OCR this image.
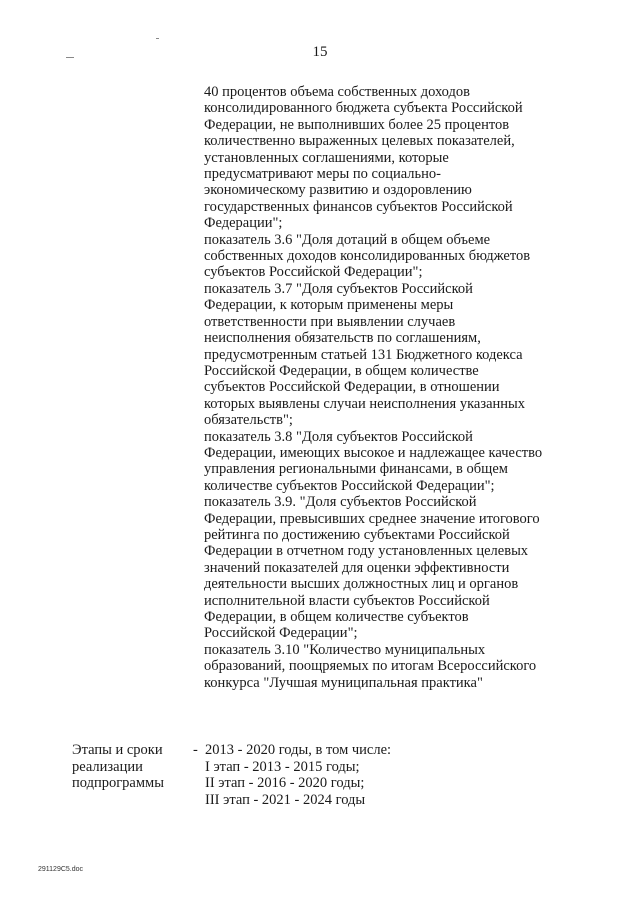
15
40 процентов объема собственных доходов
консолидированного бюджета субъекта Российской
Федерации, не выполнивших более 25 процентов
количественно выраженных целевых показателей,
установленных соглашениями, которые
предусматривают меры по социально-
экономическому развитию и оздоровлению
государственных финансов субъектов Российской
Федерации";
показатель 3.6 "Доля дотаций в общем объеме
собственных доходов консолидированных бюджетов
субъектов Российской Федерации";
показатель 3.7 "Доля субъектов Российской
Федерации, к которым применены меры
ответственности при выявлении случаев
неисполнения обязательств по соглашениям,
предусмотренным статьей 131 Бюджетного кодекса
Российской Федерации, в общем количестве
субъектов Российской Федерации, в отношении
которых выявлены случаи неисполнения указанных
обязательств";
показатель 3.8 "Доля субъектов Российской
Федерации, имеющих высокое и надлежащее качество
управления региональными финансами, в общем
количестве субъектов Российской Федерации";
показатель 3.9. "Доля субъектов Российской
Федерации, превысивших среднее значение итогового
рейтинга по достижению субъектами Российской
Федерации в отчетном году установленных целевых
значений показателей для оценки эффективности
деятельности высших должностных лиц и органов
исполнительной власти субъектов Российской
Федерации, в общем количестве субъектов
Российской Федерации";
показатель 3.10 "Количество муниципальных
образований, поощряемых по итогам Всероссийского
конкурса "Лучшая муниципальная практика"
Этапы и сроки
реализации
подпрограммы
- 2013 - 2020 годы, в том числе:
I этап - 2013 - 2015 годы;
II этап - 2016 - 2020 годы;
III этап - 2021 - 2024 годы
291129C5.doc
